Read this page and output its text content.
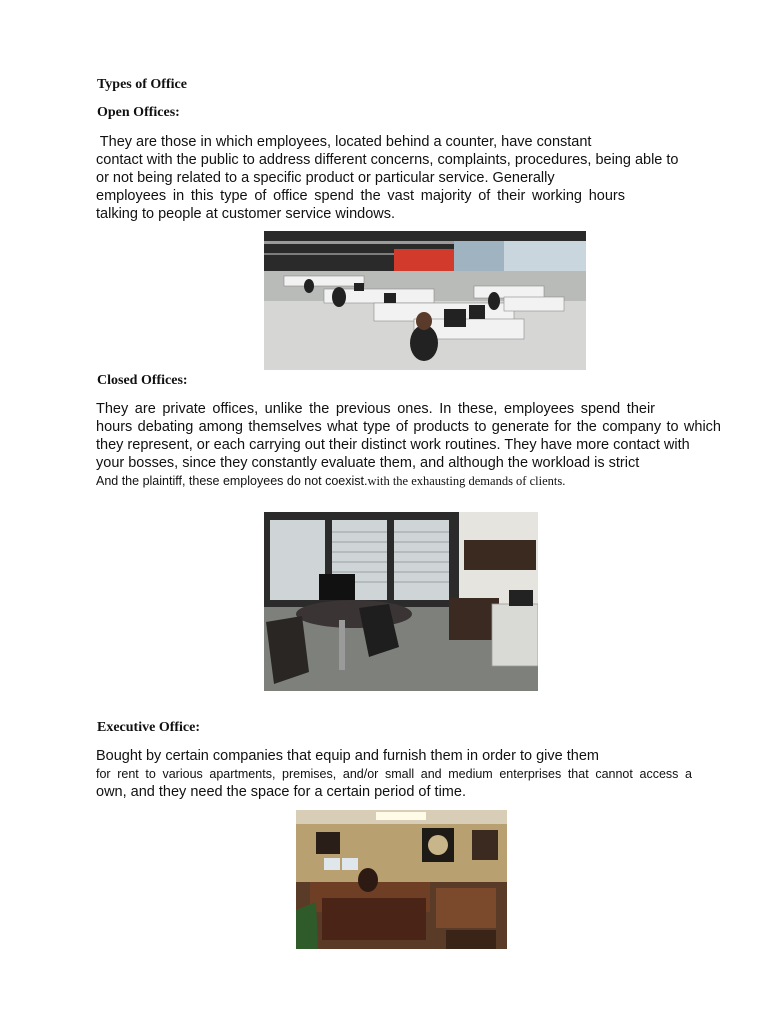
Types of Office
Open Offices:
They are those in which employees, located behind a counter, have constant
contact with the public to address different concerns, complaints, procedures, being able to
or not being related to a specific product or particular service. Generally
employees in this type of office spend the vast majority of their working hours
talking to people at customer service windows.
Closed Offices:
They are private offices, unlike the previous ones. In these, employees spend their
hours debating among themselves what type of products to generate for the company to which
they represent, or each carrying out their distinct work routines. They have more contact with
your bosses, since they constantly evaluate them, and although the workload is strict
And the plaintiff, these employees do not coexist.with the exhausting demands of clients.
Executive Office:
Bought by certain companies that equip and furnish them in order to give them
for rent to various apartments, premises, and/or small and medium enterprises that cannot access a
own, and they need the space for a certain period of time.
